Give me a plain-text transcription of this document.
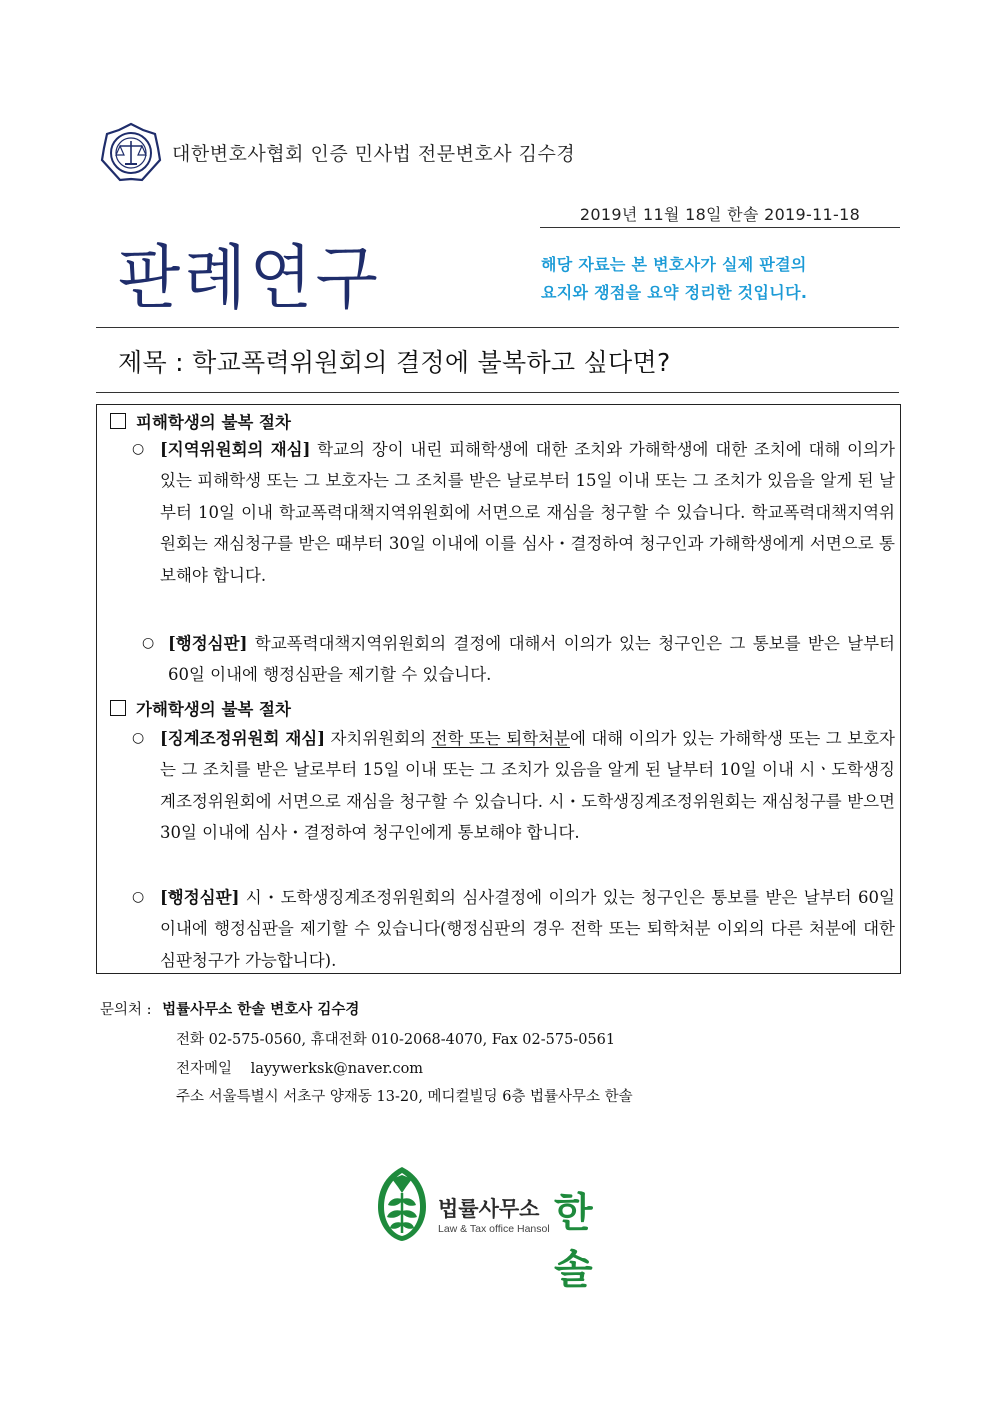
대한변호사협회 인증 민사법 전문변호사 김수경
2019년 11월 18일 한솔 2019-11-18
판례연구	해당 자료는 본 변호사가 실제 판결의
요지와 쟁점을 요약 정리한 것입니다.
제목 : 학교폭력위원회의 결정에 불복하고 싶다면?
피해학생의 불복 절차
○ [지역위원회의 재심] 학교의 장이 내린 피해학생에 대한 조치와 가해학생에 대한 조치에 대해 이의가 있는 피해학생 또는 그 보호자는 그 조치를 받은 날로부터 15일 이내 또는 그 조치가 있음을 알게 된 날부터 10일 이내 학교폭력대책지역위원회에 서면으로 재심을 청구할 수 있습니다. 학교폭력대책지역위원회는 재심청구를 받은 때부터 30일 이내에 이를 심사・결정하여 청구인과 가해학생에게 서면으로 통보해야 합니다.
○ [행정심판] 학교폭력대책지역위원회의 결정에 대해서 이의가 있는 청구인은 그 통보를 받은 날부터 60일 이내에 행정심판을 제기할 수 있습니다.
가해학생의 불복 절차
○ [징계조정위원회 재심] 자치위원회의 전학 또는 퇴학처분에 대해 이의가 있는 가해학생 또는 그 보호자는 그 조치를 받은 날로부터 15일 이내 또는 그 조치가 있음을 알게 된 날부터 10일 이내 시ㆍ도학생징계조정위원회에 서면으로 재심을 청구할 수 있습니다. 시・도학생징계조정위원회는 재심청구를 받으면 30일 이내에 심사・결정하여 청구인에게 통보해야 합니다.
○ [행정심판] 시・도학생징계조정위원회의 심사결정에 이의가 있는 청구인은 통보를 받은 날부터 60일 이내에 행정심판을 제기할 수 있습니다(행정심판의 경우 전학 또는 퇴학처분 이외의 다른 처분에 대한 심판청구가 가능합니다).
문의처 : 법률사무소 한솔 변호사 김수경
전화 02-575-0560, 휴대전화 010-2068-4070, Fax 02-575-0561
전자메일 layywerksk@naver.com
주소 서울특별시 서초구 양재동 13-20, 메디컬빌딩 6층 법률사무소 한솔
법률사무소 한솔
Law & Tax office Hansol
